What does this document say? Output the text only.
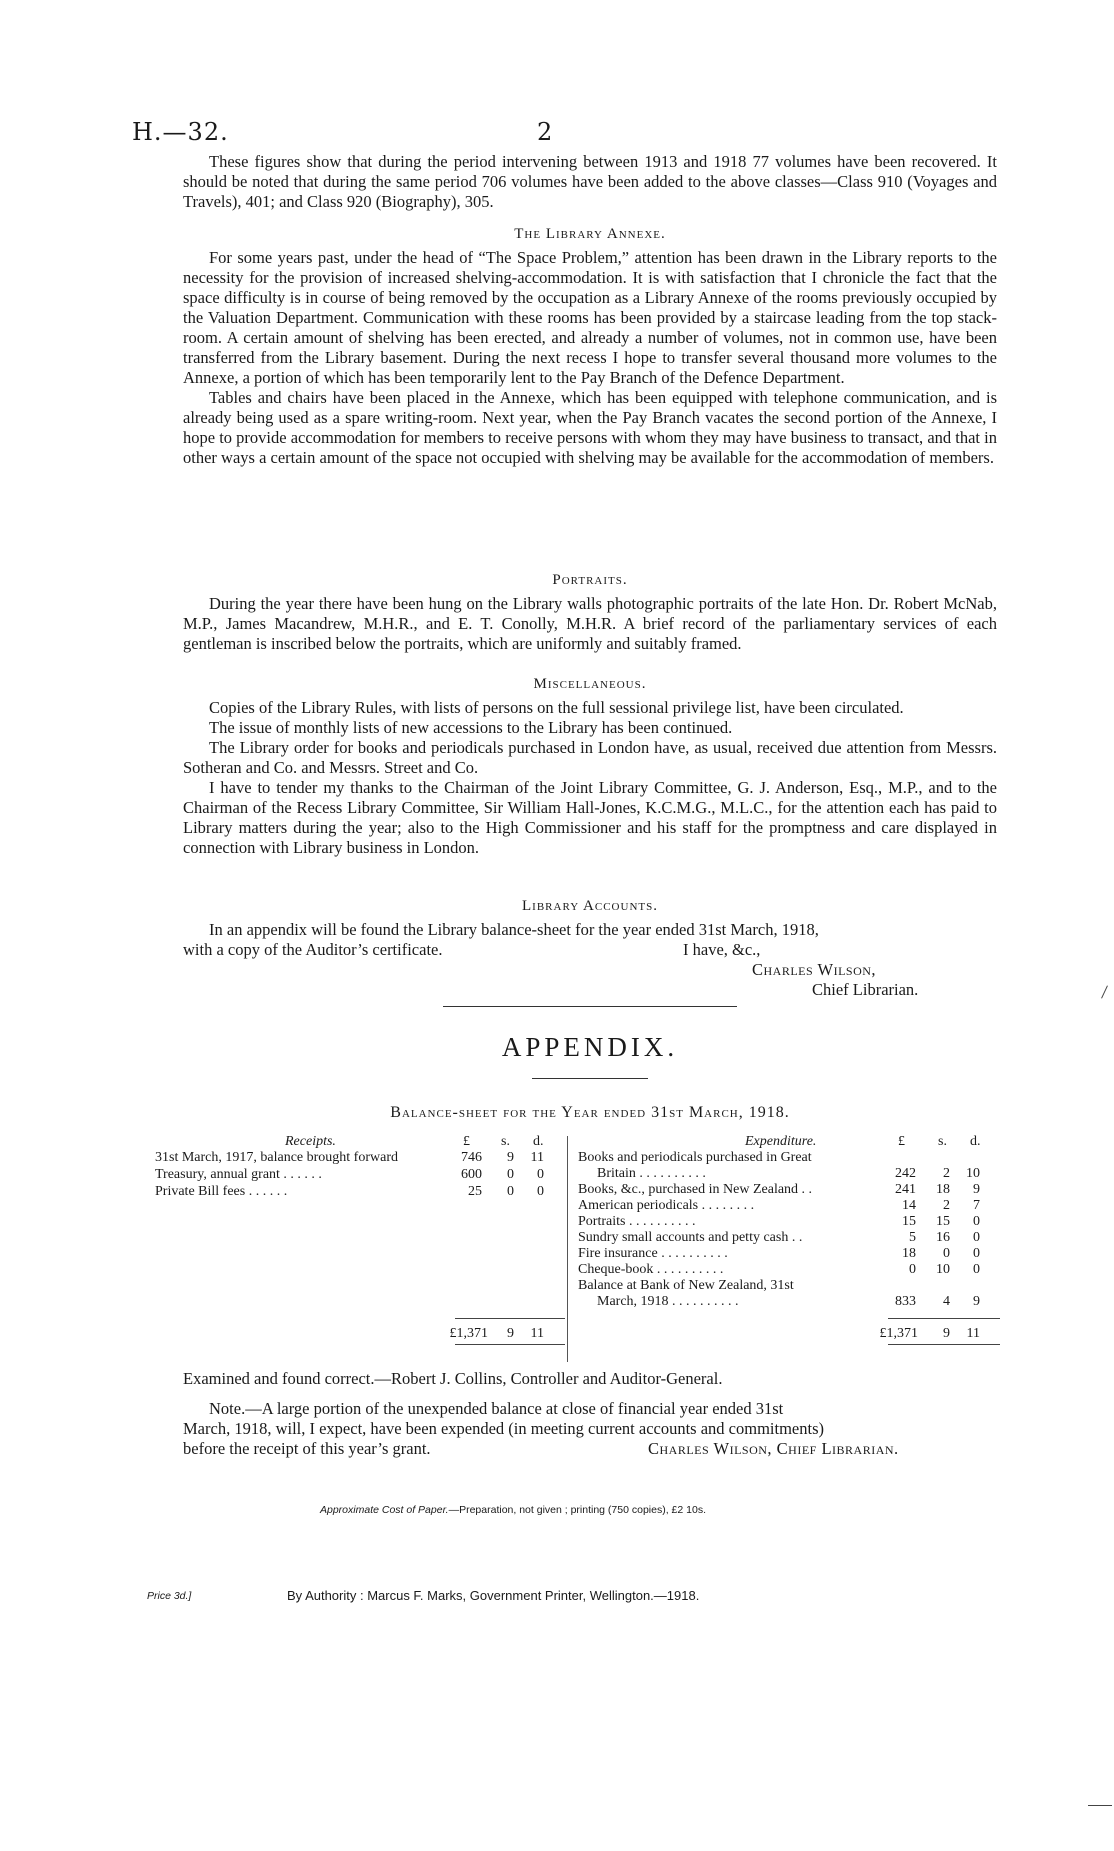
H.—32.	2

These figures show that during the period intervening between 1913 and 1918 77 volumes have been recovered. It should be noted that during the same period 706 volumes have been added to the above classes—Class 910 (Voyages and Travels), 401; and Class 920 (Biography), 305.

The Library Annexe.

For some years past, under the head of “The Space Problem,” attention has been drawn in the Library reports to the necessity for the provision of increased shelving-accommodation. It is with satisfaction that I chronicle the fact that the space difficulty is in course of being removed by the occupation as a Library Annexe of the rooms previously occupied by the Valuation Department. Communication with these rooms has been provided by a staircase leading from the top stack-room. A certain amount of shelving has been erected, and already a number of volumes, not in common use, have been transferred from the Library basement. During the next recess I hope to transfer several thousand more volumes to the Annexe, a portion of which has been temporarily lent to the Pay Branch of the Defence Department.

Tables and chairs have been placed in the Annexe, which has been equipped with telephone communication, and is already being used as a spare writing-room. Next year, when the Pay Branch vacates the second portion of the Annexe, I hope to provide accommodation for members to receive persons with whom they may have business to transact, and that in other ways a certain amount of the space not occupied with shelving may be available for the accommodation of members.

Portraits.

During the year there have been hung on the Library walls photographic portraits of the late Hon. Dr. Robert McNab, M.P., James Macandrew, M.H.R., and E. T. Conolly, M.H.R. A brief record of the parliamentary services of each gentleman is inscribed below the portraits, which are uniformly and suitably framed.

Miscellaneous.

Copies of the Library Rules, with lists of persons on the full sessional privilege list, have been circulated.

The issue of monthly lists of new accessions to the Library has been continued.

The Library order for books and periodicals purchased in London have, as usual, received due attention from Messrs. Sotheran and Co. and Messrs. Street and Co.

I have to tender my thanks to the Chairman of the Joint Library Committee, G. J. Anderson, Esq., M.P., and to the Chairman of the Recess Library Committee, Sir William Hall-Jones, K.C.M.G., M.L.C., for the attention each has paid to Library matters during the year; also to the High Commissioner and his staff for the promptness and care displayed in connection with Library business in London.

Library Accounts.
In an appendix will be found the Library balance-sheet for the year ended 31st March, 1918,
with a copy of the Auditor’s certificate.	I have, &c.,
Charles Wilson,
Chief Librarian.
APPENDIX.
Balance-sheet for the Year ended 31st March, 1918.
Receipts.	£ s. d.
31st March, 1917, balance brought forward	746	9	11
Treasury, annual grant . . . . . .	600	0	0
Private Bill fees . . . . . .	25	0	0
£1,371	9	11
Expenditure.	£ s. d.
Books and periodicals purchased in Great
Britain . . . . . . . . . .	242	2	10
Books, &c., purchased in New Zealand . .	241	18	9
American periodicals . . . . . . . .	14	2	7
Portraits . . . . . . . . . .	15	15	0
Sundry small accounts and petty cash . .	5	16	0
Fire insurance . . . . . . . . . .	18	0	0
Cheque-book . . . . . . . . . .	0	10	0
Balance at Bank of New Zealand, 31st
March, 1918 . . . . . . . . . .	833	4	9
£1,371	9	11
Examined and found correct.—Robert J. Collins, Controller and Auditor-General.
Note.—A large portion of the unexpended balance at close of financial year ended 31st
March, 1918, will, I expect, have been expended (in meeting current accounts and commitments)
before the receipt of this year’s grant.	Charles Wilson, Chief Librarian.
Approximate Cost of Paper.—Preparation, not given ; printing (750 copies), £2 10s.
By Authority : Marcus F. Marks, Government Printer, Wellington.—1918.
Price 3d.]
